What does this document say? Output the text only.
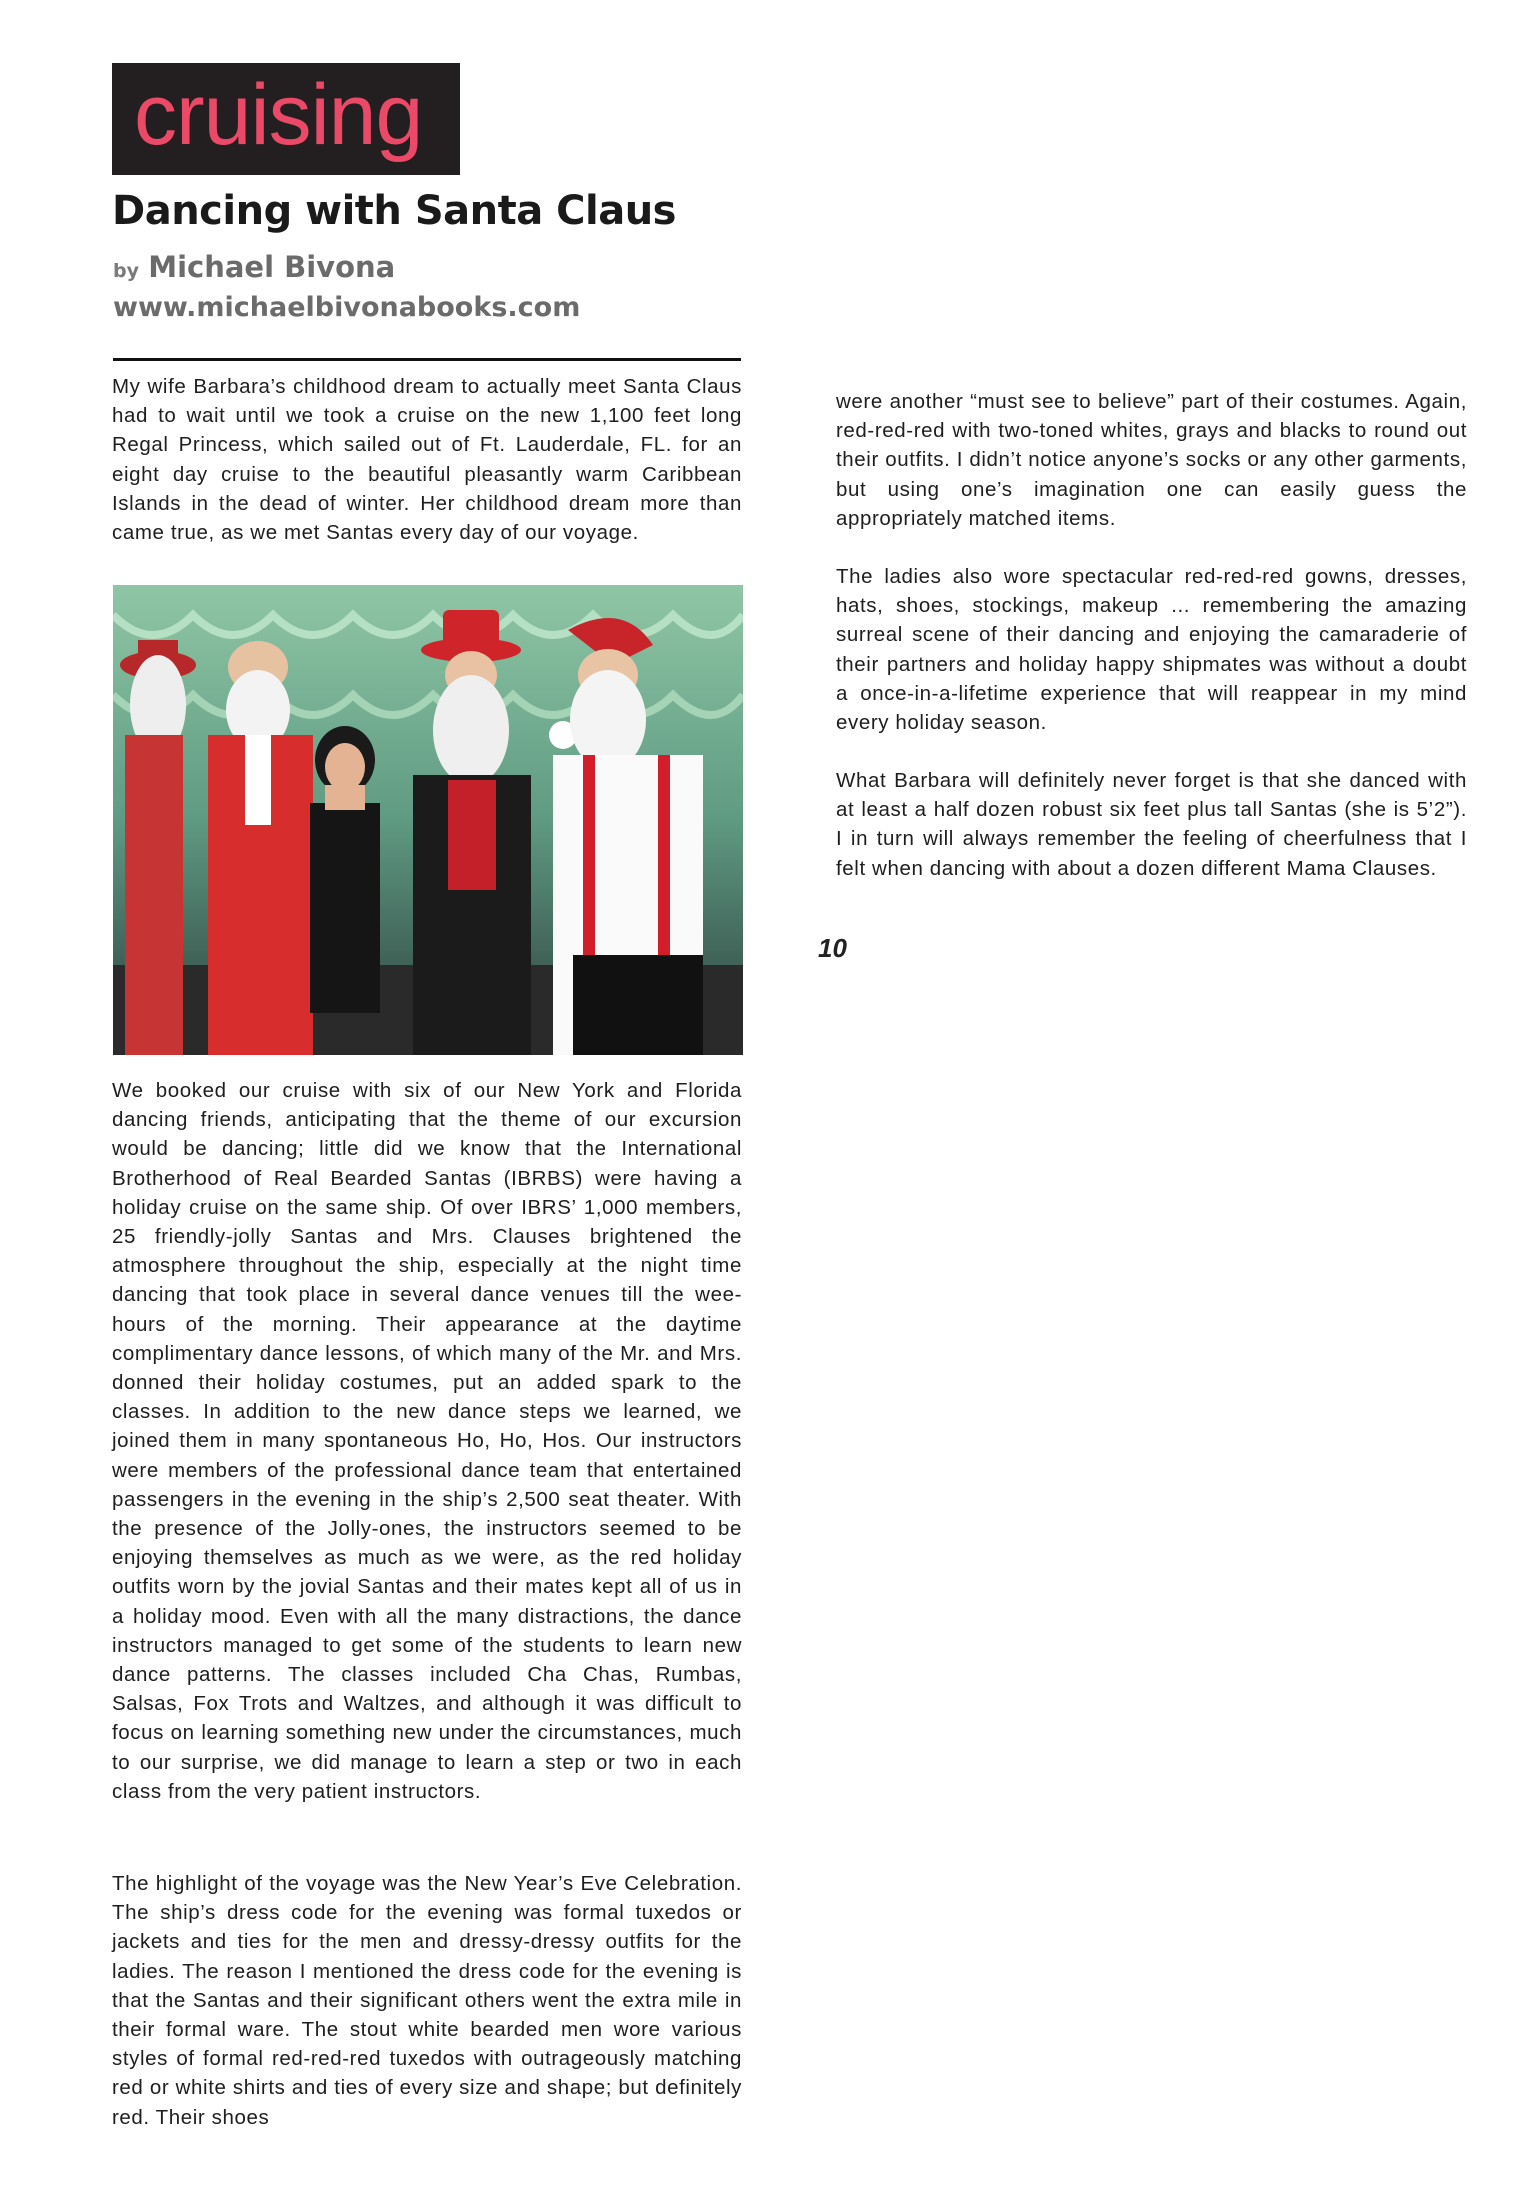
cruising
Dancing with Santa Claus
by Michael Bivona
www.michaelbivonabooks.com

My wife Barbara’s childhood dream to actually meet Santa Claus had to wait until we took a cruise on the new 1,100 feet long Regal Princess, which sailed out of Ft. Lauderdale, FL. for an eight day cruise to the beautiful pleasantly warm Caribbean Islands in the dead of winter. Her childhood dream more than came true, as we met Santas every day of our voyage.

We booked our cruise with six of our New York and Florida dancing friends, anticipating that the theme of our excursion would be dancing; little did we know that the International Brotherhood of Real Bearded Santas (IBRBS) were having a holiday cruise on the same ship. Of over IBRS’ 1,000 members, 25 friendly-jolly Santas and Mrs. Clauses brightened the atmosphere throughout the ship, especially at the night time dancing that took place in several dance venues till the wee-hours of the morning. Their appearance at the daytime complimentary dance lessons, of which many of the Mr. and Mrs. donned their holiday costumes, put an added spark to the classes. In addition to the new dance steps we learned, we joined them in many spontaneous Ho, Ho, Hos. Our instructors were members of the professional dance team that entertained passengers in the evening in the ship’s 2,500 seat theater. With the presence of the Jolly-ones, the instructors seemed to be enjoying themselves as much as we were, as the red holiday outfits worn by the jovial Santas and their mates kept all of us in a holiday mood. Even with all the many distractions, the dance instructors managed to get some of the students to learn new dance patterns. The classes included Cha Chas, Rumbas, Salsas, Fox Trots and Waltzes, and although it was difficult to focus on learning something new under the circumstances, much to our surprise, we did manage to learn a step or two in each class from the very patient instructors.

The highlight of the voyage was the New Year’s Eve Celebration. The ship’s dress code for the evening was formal tuxedos or jackets and ties for the men and dressy-dressy outfits for the ladies. The reason I mentioned the dress code for the evening is that the Santas and their significant others went the extra mile in their formal ware. The stout white bearded men wore various styles of formal red-red-red tuxedos with outrageously matching red or white shirts and ties of every size and shape; but definitely red. Their shoes

were another “must see to believe” part of their costumes. Again, red-red-red with two-toned whites, grays and blacks to round out their outfits. I didn’t notice anyone’s socks or any other garments, but using one’s imagination one can easily guess the appropriately matched items.

The ladies also wore spectacular red-red-red gowns, dresses, hats, shoes, stockings, makeup ... remembering the amazing surreal scene of their dancing and enjoying the camaraderie of their partners and holiday happy shipmates was without a doubt a once-in-a-lifetime experience that will reappear in my mind every holiday season.

What Barbara will definitely never forget is that she danced with at least a half dozen robust six feet plus tall Santas (she is 5’2”). I in turn will always remember the feeling of cheerfulness that I felt when dancing with about a dozen different Mama Clauses.

10
